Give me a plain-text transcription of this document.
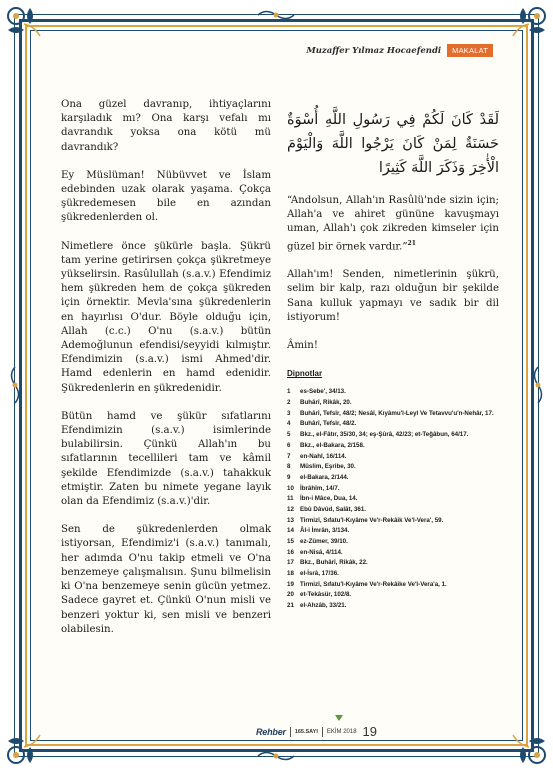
Muzaffer Yılmaz Hocaefendi	MAKALAT

Ona güzel davranıp, ihtiyaçlarını karşıladık mı? Ona karşı vefalı mı davrandık yoksa ona kötü mü davrandık?

Ey Müslüman! Nübüvvet ve İslam edebinden uzak olarak yaşama. Çokça şükredemesen bile en azından şükredenlerden ol.

Nimetlere önce şükürle başla. Şükrü tam yerine getirirsen çokça şükretmeye yükselirsin. Rasûlullah (s.a.v.) Efendimiz hem şükreden hem de çokça şükreden için örnektir. Mevla'sına şükredenlerin en hayırlısı O'dur. Böyle olduğu için, Allah (c.c.) O'nu (s.a.v.) bütün Ademoğlunun efendisi/seyyidi kılmıştır. Efendimizin (s.a.v.) ismi Ahmed'dir. Hamd edenlerin en hamd edenidir. Şükredenlerin en şükredenidir.

Bütün hamd ve şükür sıfatlarını Efendimizin (s.a.v.) isimlerinde bulabilirsin. Çünkü Allah'ın bu sıfatlarının tecellileri tam ve kâmil şekilde Efendimizde (s.a.v.) tahakkuk etmiştir. Zaten bu nimete yegane layık olan da Efendimiz (s.a.v.)'dir.

Sen de şükredenlerden olmak istiyorsan, Efendimiz'i (s.a.v.) tanımalı, her adımda O'nu takip etmeli ve O'na benzemeye çalışmalısın. Şunu bilmelisin ki O'na benzemeye senin gücün yetmez. Sadece gayret et. Çünkü O'nun misli ve benzeri yoktur ki, sen misli ve benzeri olabilesin.

لَقَدْ كَانَ لَكُمْ فِي رَسُولِ اللَّهِ أُسْوَةٌ حَسَنَةٌ لِمَنْ كَانَ يَرْجُوا اللَّهَ وَالْيَوْمَ الْأٰخِرَ وَذَكَرَ اللَّهَ كَثِيرًا

“Andolsun, Allah'ın Rasûlü'nde sizin için; Allah'a ve ahiret gününe kavuşmayı uman, Allah'ı çok zikreden kimseler için güzel bir örnek vardır.”$^{21}$

Allah'ım! Senden, nimetlerinin şükrü, selim bir kalp, razı olduğun bir şekilde Sana kulluk yapmayı ve sadık bir dil istiyorum!

Âmin!

Dipnotlar
1 es-Sebe', 34/13.
2 Buhârî, Rikâk, 20.
3 Buhârî, Tefsîr, 48/2; Nesâî, Kıyâmu'l-Leyl Ve Tetavvu'u'n-Nehâr, 17.
4 Buhârî, Tefsîr, 48/2.
5 Bkz., el-Fâtır, 35/30, 34; eş-Şûrâ, 42/23; et-Teğâbun, 64/17.
6 Bkz., el-Bakara, 2/158.
7 en-Nahl, 16/114.
8 Müslim, Eşribe, 30.
9 el-Bakara, 2/144.
10 İbrâhîm, 14/7.
11 İbn-i Mâce, Dua, 14.
12 Ebû Dâvûd, Salât, 361.
13 Tirmizî, Sıfatu'l-Kıyâme Ve'r-Rekâik Ve'l-Vera', 59.
14 Âl-i İmrân, 3/134.
15 ez-Zümer, 39/10.
16 en-Nisâ, 4/114.
17 Bkz., Buhârî, Rikâk, 22.
18 el-İsrâ, 17/36.
19 Tirmizî, Sıfatu'l-Kıyâme Ve'r-Rekâike Ve'l-Vera'a, 1.
20 et-Tekâsür, 102/8.
21 el-Ahzâb, 33/21.
Rehber 165.SAYI EKİM 2018 19
